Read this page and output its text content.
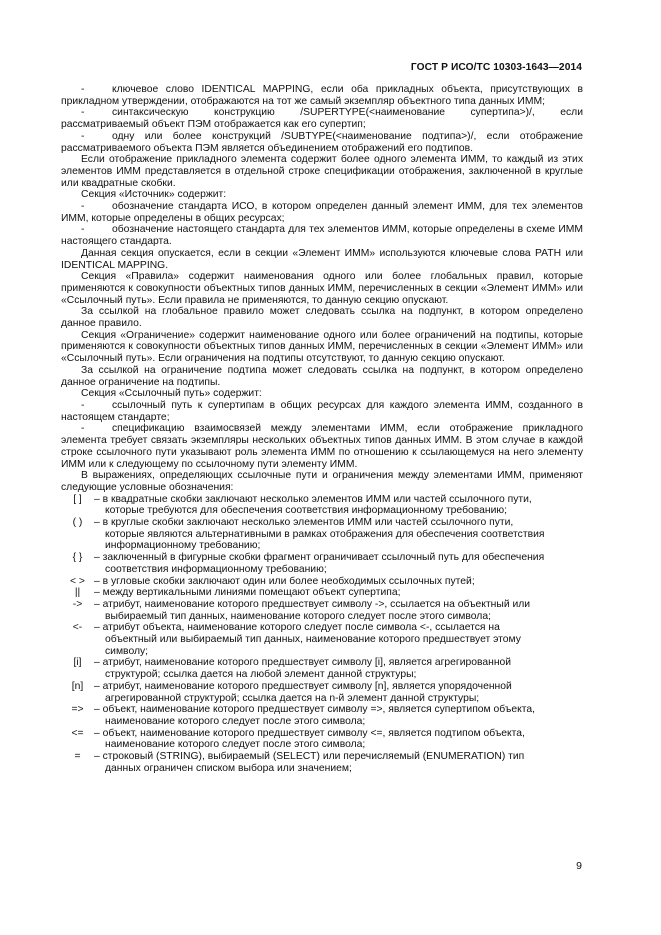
ГОСТ Р ИСО/ТС 10303-1643—2014

-	ключевое слово IDENTICAL MAPPING, если оба прикладных объекта, присутствующих в прикладном утверждении, отображаются на тот же самый экземпляр объектного типа данных ИММ;

-	синтаксическую конструкцию /SUPERTYPE(<наименование супертипа>)/, если рассматриваемый объект ПЭМ отображается как его супертип;

-	одну или более конструкций /SUBTYPE(<наименование подтипа>)/, если отображение рассматриваемого объекта ПЭМ является объединением отображений его подтипов.

Если отображение прикладного элемента содержит более одного элемента ИММ, то каждый из этих элементов ИММ представляется в отдельной строке спецификации отображения, заключенной в круглые или квадратные скобки.

Секция «Источник» содержит:

-	обозначение стандарта ИСО, в котором определен данный элемент ИММ, для тех элементов ИММ, которые определены в общих ресурсах;

-	обозначение настоящего стандарта для тех элементов ИММ, которые определены в схеме ИММ настоящего стандарта.

Данная секция опускается, если в секции «Элемент ИММ» используются ключевые слова PATH или IDENTICAL MAPPING.

Секция «Правила» содержит наименования одного или более глобальных правил, которые применяются к совокупности объектных типов данных ИММ, перечисленных в секции «Элемент ИММ» или «Ссылочный путь». Если правила не применяются, то данную секцию опускают.

За ссылкой на глобальное правило может следовать ссылка на подпункт, в котором определено данное правило.

Секция «Ограничение» содержит наименование одного или более ограничений на подтипы, которые применяются к совокупности объектных типов данных ИММ, перечисленных в секции «Элемент ИММ» или «Ссылочный путь». Если ограничения на подтипы отсутствуют, то данную секцию опускают.

За ссылкой на ограничение подтипа может следовать ссылка на подпункт, в котором определено данное ограничение на подтипы.

Секция «Ссылочный путь» содержит:

-	ссылочный путь к супертипам в общих ресурсах для каждого элемента ИММ, созданного в настоящем стандарте;

-	спецификацию взаимосвязей между элементами ИММ, если отображение прикладного элемента требует связать экземпляры нескольких объектных типов данных ИММ. В этом случае в каждой строке ссылочного пути указывают роль элемента ИММ по отношению к ссылающемуся на него элементу ИММ или к следующему по ссылочному пути элементу ИММ.

В выражениях, определяющих ссылочные пути и ограничения между элементами ИММ, применяют следующие условные обозначения:

[ ]	– в квадратные скобки заключают несколько элементов ИММ или частей ссылочного пути, которые требуются для обеспечения соответствия информационному требованию;
( )	– в круглые скобки заключают несколько элементов ИММ или частей ссылочного пути, которые являются альтернативными в рамках отображения для обеспечения соответствия информационному требованию;
{ }	– заключенный в фигурные скобки фрагмент ограничивает ссылочный путь для обеспечения соответствия информационному требованию;
< > – в угловые скобки заключают один или более необходимых ссылочных путей;
||	– между вертикальными линиями помещают объект супертипа;
->	– атрибут, наименование которого предшествует символу ->, ссылается на объектный или выбираемый тип данных, наименование которого следует после этого символа;
<-	– атрибут объекта, наименование которого следует после символа <-, ссылается на объектный или выбираемый тип данных, наименование которого предшествует этому символу;
[i]	– атрибут, наименование которого предшествует символу [i], является агрегированной структурой; ссылка дается на любой элемент данной структуры;
[n]	– атрибут, наименование которого предшествует символу [n], является упорядоченной агрегированной структурой; ссылка дается на n-й элемент данной структуры;
=>	– объект, наименование которого предшествует символу =>, является супертипом объекта, наименование которого следует после этого символа;
<=	– объект, наименование которого предшествует символу <=, является подтипом объекта, наименование которого следует после этого символа;
=	– строковый (STRING), выбираемый (SELECT) или перечисляемый (ENUMERATION) тип данных ограничен списком выбора или значением;
9
